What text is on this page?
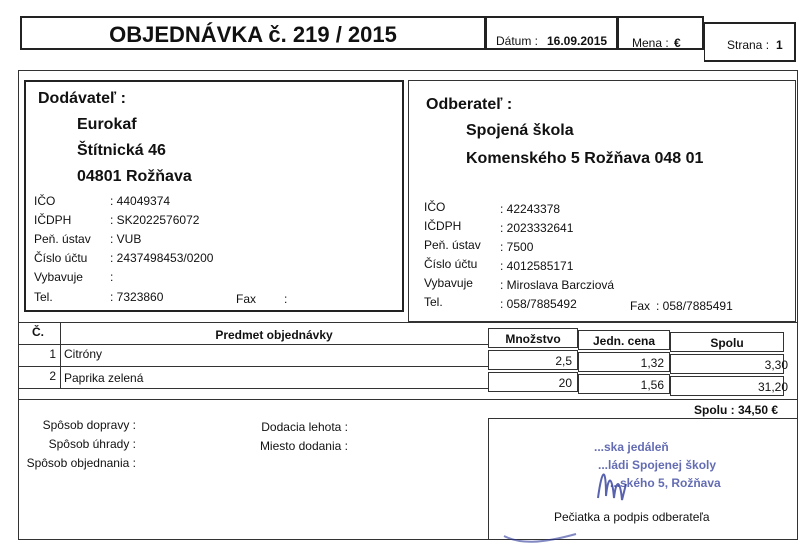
OBJEDNÁVKA č. 219 / 2015	Dátum : 16.09.2015 Mena : €	Strana : 1
Dodávateľ :
Eurokaf
Štítnická 46
04801 Rožňava
IČO	: 44049374
IČDPH	: SK2022576072
Peň. ústav : VUB
Číslo účtu : 2437498453/0200
Vybavuje :
Tel.	: 7323860	Fax :
Odberateľ :
Spojená škola
Komenského 5 Rožňava 048 01
IČO	: 42243378
IČDPH	: 2023332641
Peň. ústav : 7500
Číslo účtu : 4012585171
Vybavuje : Miroslava Barcziová
Tel.	: 058/7885492	Fax : 058/7885491
Č.	Predmet objednávky	Množstvo	Jedn. cena	Spolu
1 Citróny	2,5	1,32	3,30
2 Paprika zelená	20	1,56	31,20
Spolu : 34,50 €
Spôsob dopravy :
Spôsob úhrady :
Spôsob objednania :
Dodacia lehota :
Miesto dodania :	...ska jedáleň
...ládi Spojenej školy
...ského 5, Rožňava
Pečiatka a podpis odberateľa
